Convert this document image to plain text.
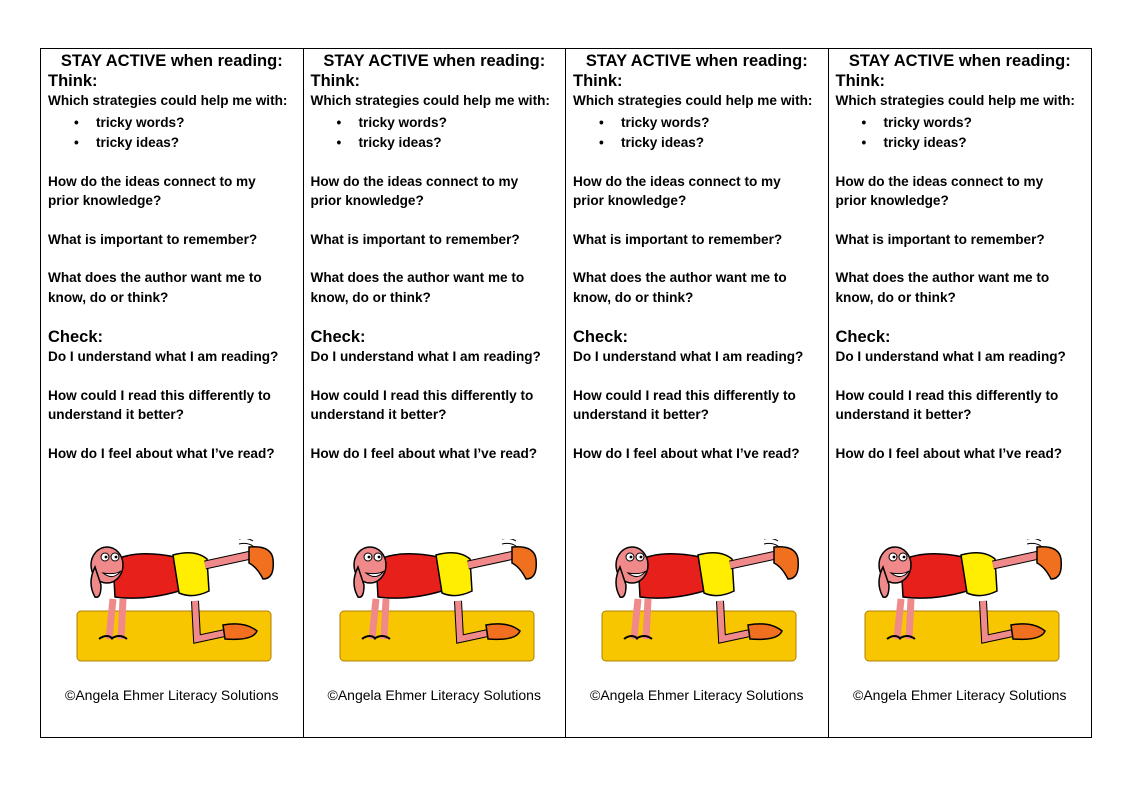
STAY ACTIVE when reading:
Think:
Which strategies could help me with:
• tricky words?
• tricky ideas?
How do the ideas connect to my
prior knowledge?
What is important to remember?
What does the author want me to
know, do or think?
Check:
Do I understand what I am reading?
How could I read this differently to
understand it better?
How do I feel about what I’ve read?
©Angela Ehmer Literacy Solutions
STAY ACTIVE when reading:
Think:
Which strategies could help me with:
• tricky words?
• tricky ideas?
How do the ideas connect to my
prior knowledge?
What is important to remember?
What does the author want me to
know, do or think?
Check:
Do I understand what I am reading?
How could I read this differently to
understand it better?
How do I feel about what I’ve read?
©Angela Ehmer Literacy Solutions
STAY ACTIVE when reading:
Think:
Which strategies could help me with:
• tricky words?
• tricky ideas?
How do the ideas connect to my
prior knowledge?
What is important to remember?
What does the author want me to
know, do or think?
Check:
Do I understand what I am reading?
How could I read this differently to
understand it better?
How do I feel about what I’ve read?
©Angela Ehmer Literacy Solutions
STAY ACTIVE when reading:
Think:
Which strategies could help me with:
• tricky words?
• tricky ideas?
How do the ideas connect to my
prior knowledge?
What is important to remember?
What does the author want me to
know, do or think?
Check:
Do I understand what I am reading?
How could I read this differently to
understand it better?
How do I feel about what I’ve read?
©Angela Ehmer Literacy Solutions
